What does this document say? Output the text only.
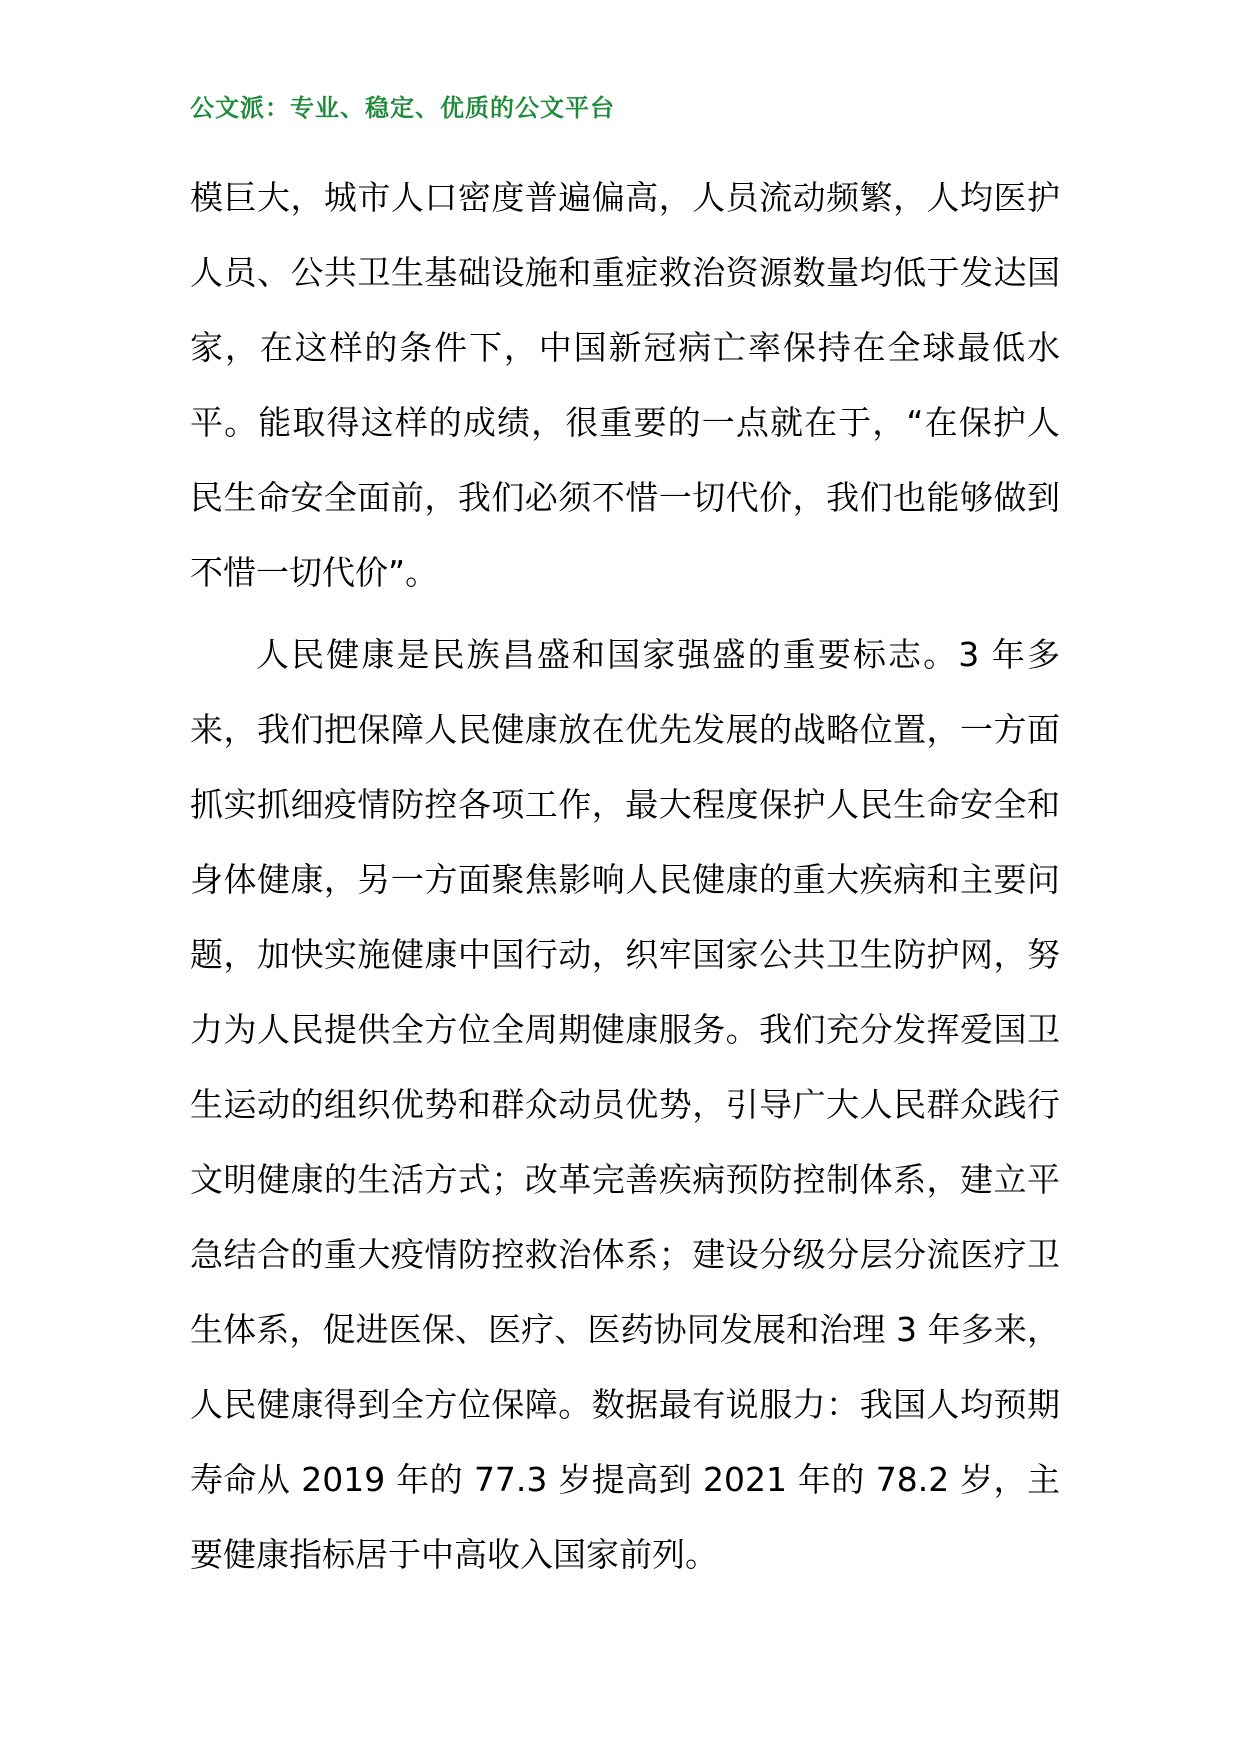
公文派：专业、稳定、优质的公文平台

模巨大，城市人口密度普遍偏高，人员流动频繁，人均医护人员、公共卫生基础设施和重症救治资源数量均低于发达国家，在这样的条件下，中国新冠病亡率保持在全球最低水平。能取得这样的成绩，很重要的一点就在于，“在保护人民生命安全面前，我们必须不惜一切代价，我们也能够做到不惜一切代价”。

人民健康是民族昌盛和国家强盛的重要标志。3 年多来，我们把保障人民健康放在优先发展的战略位置，一方面抓实抓细疫情防控各项工作，最大程度保护人民生命安全和身体健康，另一方面聚焦影响人民健康的重大疾病和主要问题，加快实施健康中国行动，织牢国家公共卫生防护网，努力为人民提供全方位全周期健康服务。我们充分发挥爱国卫生运动的组织优势和群众动员优势，引导广大人民群众践行文明健康的生活方式；改革完善疾病预防控制体系，建立平急结合的重大疫情防控救治体系；建设分级分层分流医疗卫生体系，促进医保、医疗、医药协同发展和治理 3 年多来，人民健康得到全方位保障。数据最有说服力：我国人均预期寿命从 2019 年的 77.3 岁提高到 2021 年的 78.2 岁，主要健康指标居于中高收入国家前列。
